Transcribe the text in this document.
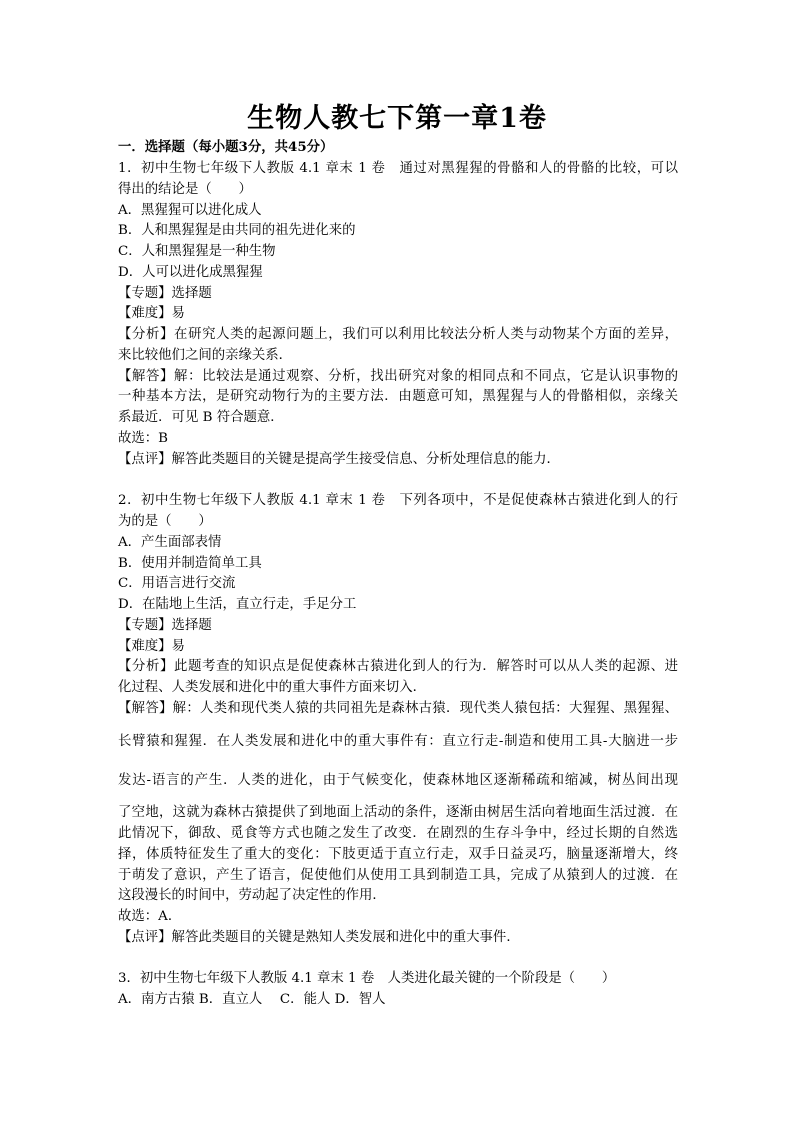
生物人教七下第一章1卷
一．选择题（每小题3分，共45分）
1．初中生物七年级下人教版 4.1 章末 1 卷　通过对黑猩猩的骨骼和人的骨骼的比较，可以
得出的结论是（　　）
A．黑猩猩可以进化成人
B．人和黑猩猩是由共同的祖先进化来的
C．人和黑猩猩是一种生物
D．人可以进化成黑猩猩
【专题】选择题
【难度】易
【分析】在研究人类的起源问题上，我们可以利用比较法分析人类与动物某个方面的差异，
来比较他们之间的亲缘关系．
【解答】解：比较法是通过观察、分析，找出研究对象的相同点和不同点，它是认识事物的
一种基本方法，是研究动物行为的主要方法．由题意可知，黑猩猩与人的骨骼相似，亲缘关
系最近．可见 B 符合题意．
故选：B
【点评】解答此类题目的关键是提高学生接受信息、分析处理信息的能力．
2．初中生物七年级下人教版 4.1 章末 1 卷　下列各项中，不是促使森林古猿进化到人的行
为的是（　　）
A．产生面部表情
B．使用并制造简单工具
C．用语言进行交流
D．在陆地上生活，直立行走，手足分工
【专题】选择题
【难度】易
【分析】此题考查的知识点是促使森林古猿进化到人的行为．解答时可以从人类的起源、进
化过程、人类发展和进化中的重大事件方面来切入．
【解答】解：人类和现代类人猿的共同祖先是森林古猿．现代类人猿包括：大猩猩、黑猩猩、
长臂猿和猩猩．在人类发展和进化中的重大事件有：直立行走-制造和使用工具-大脑进一步
发达-语言的产生．人类的进化，由于气候变化，使森林地区逐渐稀疏和缩减，树丛间出现
了空地，这就为森林古猿提供了到地面上活动的条件，逐渐由树居生活向着地面生活过渡．在
此情况下，御敌、觅食等方式也随之发生了改变．在剧烈的生存斗争中，经过长期的自然选
择，体质特征发生了重大的变化：下肢更适于直立行走，双手日益灵巧，脑量逐渐增大，终
于萌发了意识，产生了语言，促使他们从使用工具到制造工具，完成了从猿到人的过渡．在
这段漫长的时间中，劳动起了决定性的作用．
故选：A．
【点评】解答此类题目的关键是熟知人类发展和进化中的重大事件．
3．初中生物七年级下人教版 4.1 章末 1 卷　人类进化最关键的一个阶段是（　　）
A．南方古猿 B．直立人　 C．能人 D．智人
